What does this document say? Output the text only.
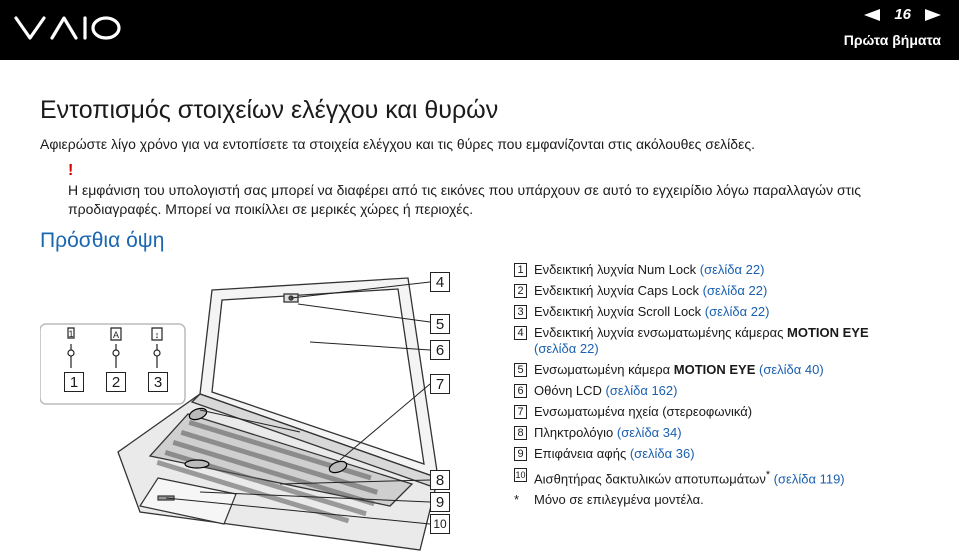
16
Πρώτα βήματα
Εντοπισμός στοιχείων ελέγχου και θυρών
Αφιερώστε λίγο χρόνο για να εντοπίσετε τα στοιχεία ελέγχου και τις θύρες που εμφανίζονται στις ακόλουθες σελίδες.
!
Η εμφάνιση του υπολογιστή σας μπορεί να διαφέρει από τις εικόνες που υπάρχουν σε αυτό το εγχειρίδιο λόγω παραλλαγών στις προδιαγραφές. Μπορεί να ποικίλλει σε μερικές χώρες ή περιοχές.
Πρόσθια όψη
1	A	↕
1	2	3
4
5
6
7
8
9
10
1 Ενδεικτική λυχνία Num Lock (σελίδα 22)
2 Ενδεικτική λυχνία Caps Lock (σελίδα 22)
3 Ενδεικτική λυχνία Scroll Lock (σελίδα 22)
4 Ενδεικτική λυχνία ενσωματωμένης κάμερας MOTION EYE
(σελίδα 22)
5 Ενσωματωμένη κάμερα MOTION EYE (σελίδα 40)
6 Οθόνη LCD (σελίδα 162)
7 Ενσωματωμένα ηχεία (στερεοφωνικά)
8 Πληκτρολόγιο (σελίδα 34)
9 Επιφάνεια αφής (σελίδα 36)
10 Αισθητήρας δακτυλικών αποτυπωμάτων* (σελίδα 119)
*	Μόνο σε επιλεγμένα μοντέλα.
